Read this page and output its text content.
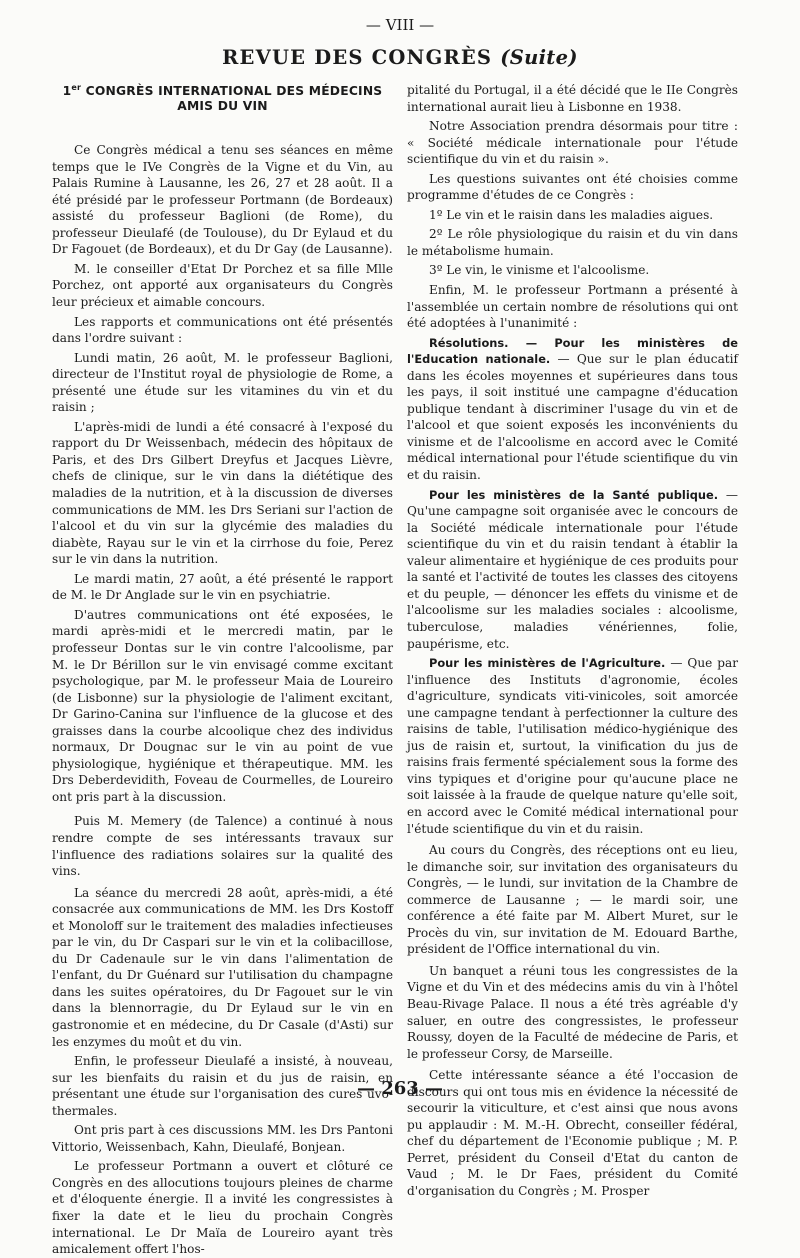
— VIII —
REVUE DES CONGRÈS (Suite)
1er CONGRÈS INTERNATIONAL DES MÉDECINS AMIS DU VIN

Ce Congrès médical a tenu ses séances en même temps que le IVe Congrès de la Vigne et du Vin, au Palais Rumine à Lausanne, les 26, 27 et 28 août. Il a été présidé par le professeur Portmann (de Bordeaux) assisté du professeur Baglioni (de Rome), du professeur Dieulafé (de Toulouse), du Dr Eylaud et du Dr Fagouet (de Bordeaux), et du Dr Gay (de Lausanne).

M. le conseiller d'Etat Dr Porchez et sa fille Mlle Porchez, ont apporté aux organisateurs du Congrès leur précieux et aimable concours.

Les rapports et communications ont été présentés dans l'ordre suivant :

Lundi matin, 26 août, M. le professeur Baglioni, directeur de l'Institut royal de physiologie de Rome, a présenté une étude sur les vitamines du vin et du raisin ;

L'après-midi de lundi a été consacré à l'exposé du rapport du Dr Weissenbach, médecin des hôpitaux de Paris, et des Drs Gilbert Dreyfus et Jacques Lièvre, chefs de clinique, sur le vin dans la diététique des maladies de la nutrition, et à la discussion de diverses communications de MM. les Drs Seriani sur l'action de l'alcool et du vin sur la glycémie des maladies du diabète, Rayau sur le vin et la cirrhose du foie, Perez sur le vin dans la nutrition.

Le mardi matin, 27 août, a été présenté le rapport de M. le Dr Anglade sur le vin en psychiatrie.

D'autres communications ont été exposées, le mardi après-midi et le mercredi matin, par le professeur Dontas sur le vin contre l'alcoolisme, par M. le Dr Bérillon sur le vin envisagé comme excitant psychologique, par M. le professeur Maia de Loureiro (de Lisbonne) sur la physiologie de l'aliment excitant, Dr Garino-Canina sur l'influence de la glucose et des graisses dans la courbe alcoolique chez des individus normaux, Dr Dougnac sur le vin au point de vue physiologique, hygiénique et thérapeutique. MM. les Drs Deberdevidith, Foveau de Courmelles, de Loureiro ont pris part à la discussion.

Puis M. Memery (de Talence) a continué à nous rendre compte de ses intéressants travaux sur l'influence des radiations solaires sur la qualité des vins.

La séance du mercredi 28 août, après-midi, a été consacrée aux communications de MM. les Drs Kostoff et Monoloff sur le traitement des maladies infectieuses par le vin, du Dr Caspari sur le vin et la colibacillose, du Dr Cadenaule sur le vin dans l'alimentation de l'enfant, du Dr Guénard sur l'utilisation du champagne dans les suites opératoires, du Dr Fagouet sur le vin dans la blennorragie, du Dr Eylaud sur le vin en gastronomie et en médecine, du Dr Casale (d'Asti) sur les enzymes du moût et du vin.

Enfin, le professeur Dieulafé a insisté, à nouveau, sur les bienfaits du raisin et du jus de raisin, en présentant une étude sur l'organisation des cures uvo-thermales.

Ont pris part à ces discussions MM. les Drs Pantoni Vittorio, Weissenbach, Kahn, Dieulafé, Bonjean.

Le professeur Portmann a ouvert et clôturé ce Congrès en des allocutions toujours pleines de charme et d'éloquente énergie. Il a invité les congressistes à fixer la date et le lieu du prochain Congrès international. Le Dr Maïa de Loureiro ayant très amicalement offert l'hos-

pitalité du Portugal, il a été décidé que le IIe Congrès international aurait lieu à Lisbonne en 1938.

Notre Association prendra désormais pour titre : « Société médicale internationale pour l'étude scientifique du vin et du raisin ».

Les questions suivantes ont été choisies comme programme d'études de ce Congrès :

1º Le vin et le raisin dans les maladies aigues.

2º Le rôle physiologique du raisin et du vin dans le métabolisme humain.

3º Le vin, le vinisme et l'alcoolisme.

Enfin, M. le professeur Portmann a présenté à l'assemblée un certain nombre de résolutions qui ont été adoptées à l'unanimité :

Résolutions. — Pour les ministères de l'Education nationale. — Que sur le plan éducatif dans les écoles moyennes et supérieures dans tous les pays, il soit institué une campagne d'éducation publique tendant à discriminer l'usage du vin et de l'alcool et que soient exposés les inconvénients du vinisme et de l'alcoolisme en accord avec le Comité médical international pour l'étude scientifique du vin et du raisin.

Pour les ministères de la Santé publique. — Qu'une campagne soit organisée avec le concours de la Société médicale internationale pour l'étude scientifique du vin et du raisin tendant à établir la valeur alimentaire et hygiénique de ces produits pour la santé et l'activité de toutes les classes des citoyens et du peuple, — dénoncer les effets du vinisme et de l'alcoolisme sur les maladies sociales : alcoolisme, tuberculose, maladies vénériennes, folie, paupérisme, etc.

Pour les ministères de l'Agriculture. — Que par l'influence des Instituts d'agronomie, écoles d'agriculture, syndicats viti-vinicoles, soit amorcée une campagne tendant à perfectionner la culture des raisins de table, l'utilisation médico-hygiénique des jus de raisin et, surtout, la vinification du jus de raisins frais fermenté spécialement sous la forme des vins typiques et d'origine pour qu'aucune place ne soit laissée à la fraude de quelque nature qu'elle soit, en accord avec le Comité médical international pour l'étude scientifique du vin et du raisin.

Au cours du Congrès, des réceptions ont eu lieu, le dimanche soir, sur invitation des organisateurs du Congrès, — le lundi, sur invitation de la Chambre de commerce de Lausanne ; — le mardi soir, une conférence a été faite par M. Albert Muret, sur le Procès du vin, sur invitation de M. Edouard Barthe, président de l'Office international du vin.

Un banquet a réuni tous les congressistes de la Vigne et du Vin et des médecins amis du vin à l'hôtel Beau-Rivage Palace. Il nous a été très agréable d'y saluer, en outre des congressistes, le professeur Roussy, doyen de la Faculté de médecine de Paris, et le professeur Corsy, de Marseille.

Cette intéressante séance a été l'occasion de discours qui ont tous mis en évidence la nécessité de secourir la viticulture, et c'est ainsi que nous avons pu applaudir : M. M.-H. Obrecht, conseiller fédéral, chef du département de l'Economie publique ; M. P. Perret, président du Conseil d'Etat du canton de Vaud ; M. le Dr Faes, président du Comité d'organisation du Congrès ; M. Prosper

— 263 —
